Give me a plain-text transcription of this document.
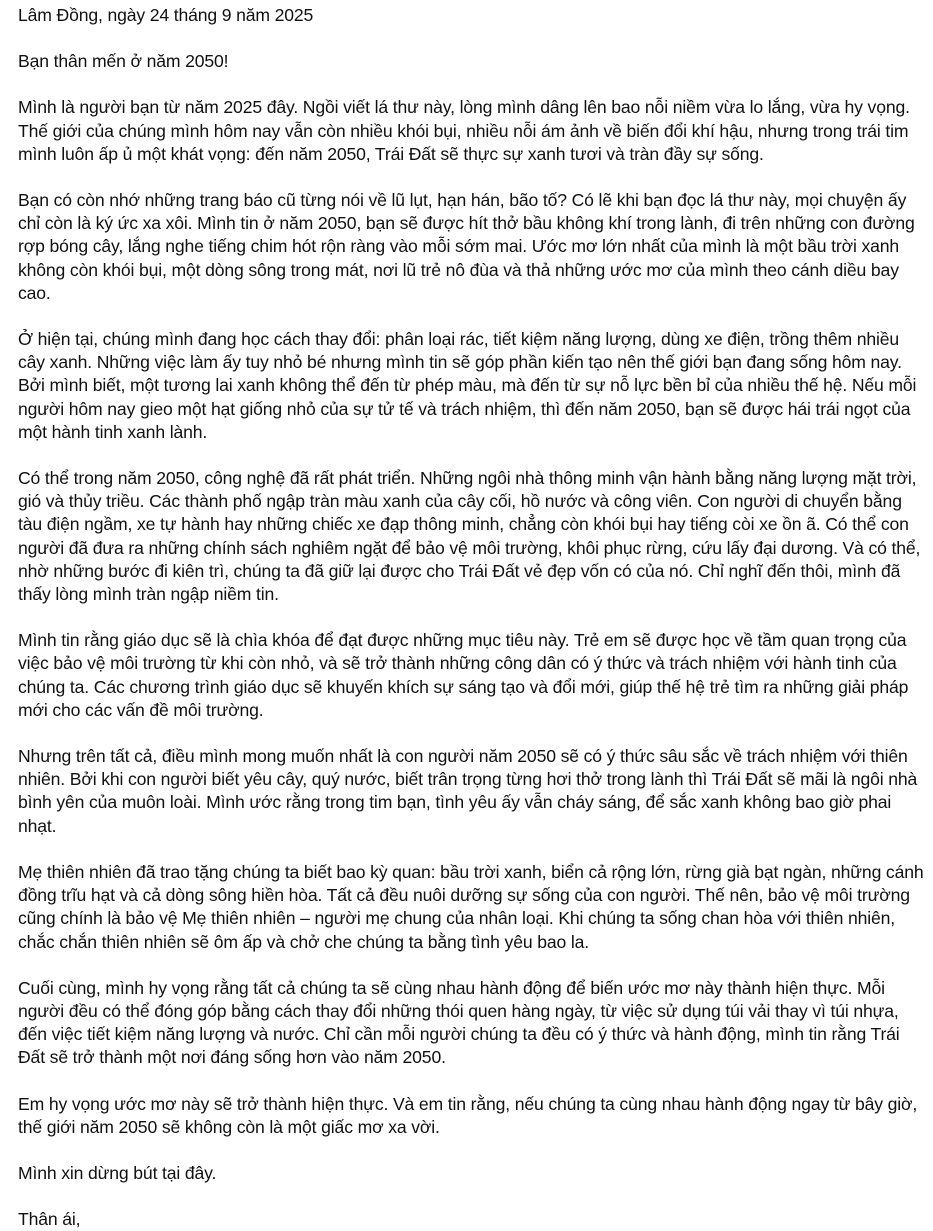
Lâm Đồng, ngày 24 tháng 9 năm 2025

Bạn thân mến ở năm 2050!

Mình là người bạn từ năm 2025 đây. Ngồi viết lá thư này, lòng mình dâng lên bao nỗi niềm vừa lo lắng, vừa hy vọng. Thế giới của chúng mình hôm nay vẫn còn nhiều khói bụi, nhiều nỗi ám ảnh về biến đổi khí hậu, nhưng trong trái tim mình luôn ấp ủ một khát vọng: đến năm 2050, Trái Đất sẽ thực sự xanh tươi và tràn đầy sự sống.

Bạn có còn nhớ những trang báo cũ từng nói về lũ lụt, hạn hán, bão tố? Có lẽ khi bạn đọc lá thư này, mọi chuyện ấy chỉ còn là ký ức xa xôi. Mình tin ở năm 2050, bạn sẽ được hít thở bầu không khí trong lành, đi trên những con đường rợp bóng cây, lắng nghe tiếng chim hót rộn ràng vào mỗi sớm mai. Ước mơ lớn nhất của mình là một bầu trời xanh không còn khói bụi, một dòng sông trong mát, nơi lũ trẻ nô đùa và thả những ước mơ của mình theo cánh diều bay cao.

Ở hiện tại, chúng mình đang học cách thay đổi: phân loại rác, tiết kiệm năng lượng, dùng xe điện, trồng thêm nhiều cây xanh. Những việc làm ấy tuy nhỏ bé nhưng mình tin sẽ góp phần kiến tạo nên thế giới bạn đang sống hôm nay. Bởi mình biết, một tương lai xanh không thể đến từ phép màu, mà đến từ sự nỗ lực bền bỉ của nhiều thế hệ. Nếu mỗi người hôm nay gieo một hạt giống nhỏ của sự tử tế và trách nhiệm, thì đến năm 2050, bạn sẽ được hái trái ngọt của một hành tinh xanh lành.

Có thể trong năm 2050, công nghệ đã rất phát triển. Những ngôi nhà thông minh vận hành bằng năng lượng mặt trời, gió và thủy triều. Các thành phố ngập tràn màu xanh của cây cối, hồ nước và công viên. Con người di chuyển bằng tàu điện ngầm, xe tự hành hay những chiếc xe đạp thông minh, chẳng còn khói bụi hay tiếng còi xe ồn ã. Có thể con người đã đưa ra những chính sách nghiêm ngặt để bảo vệ môi trường, khôi phục rừng, cứu lấy đại dương. Và có thể, nhờ những bước đi kiên trì, chúng ta đã giữ lại được cho Trái Đất vẻ đẹp vốn có của nó. Chỉ nghĩ đến thôi, mình đã thấy lòng mình tràn ngập niềm tin.

Mình tin rằng giáo dục sẽ là chìa khóa để đạt được những mục tiêu này. Trẻ em sẽ được học về tầm quan trọng của việc bảo vệ môi trường từ khi còn nhỏ, và sẽ trở thành những công dân có ý thức và trách nhiệm với hành tinh của chúng ta. Các chương trình giáo dục sẽ khuyến khích sự sáng tạo và đổi mới, giúp thế hệ trẻ tìm ra những giải pháp mới cho các vấn đề môi trường.

Nhưng trên tất cả, điều mình mong muốn nhất là con người năm 2050 sẽ có ý thức sâu sắc về trách nhiệm với thiên nhiên. Bởi khi con người biết yêu cây, quý nước, biết trân trọng từng hơi thở trong lành thì Trái Đất sẽ mãi là ngôi nhà bình yên của muôn loài. Mình ước rằng trong tim bạn, tình yêu ấy vẫn cháy sáng, để sắc xanh không bao giờ phai nhạt.

Mẹ thiên nhiên đã trao tặng chúng ta biết bao kỳ quan: bầu trời xanh, biển cả rộng lớn, rừng già bạt ngàn, những cánh đồng trĩu hạt và cả dòng sông hiền hòa. Tất cả đều nuôi dưỡng sự sống của con người. Thế nên, bảo vệ môi trường cũng chính là bảo vệ Mẹ thiên nhiên – người mẹ chung của nhân loại. Khi chúng ta sống chan hòa với thiên nhiên, chắc chắn thiên nhiên sẽ ôm ấp và chở che chúng ta bằng tình yêu bao la.

Cuối cùng, mình hy vọng rằng tất cả chúng ta sẽ cùng nhau hành động để biến ước mơ này thành hiện thực. Mỗi người đều có thể đóng góp bằng cách thay đổi những thói quen hàng ngày, từ việc sử dụng túi vải thay vì túi nhựa, đến việc tiết kiệm năng lượng và nước. Chỉ cần mỗi người chúng ta đều có ý thức và hành động, mình tin rằng Trái Đất sẽ trở thành một nơi đáng sống hơn vào năm 2050.

Em hy vọng ước mơ này sẽ trở thành hiện thực. Và em tin rằng, nếu chúng ta cùng nhau hành động ngay từ bây giờ, thế giới năm 2050 sẽ không còn là một giấc mơ xa vời.

Mình xin dừng bút tại đây.

Thân ái,
